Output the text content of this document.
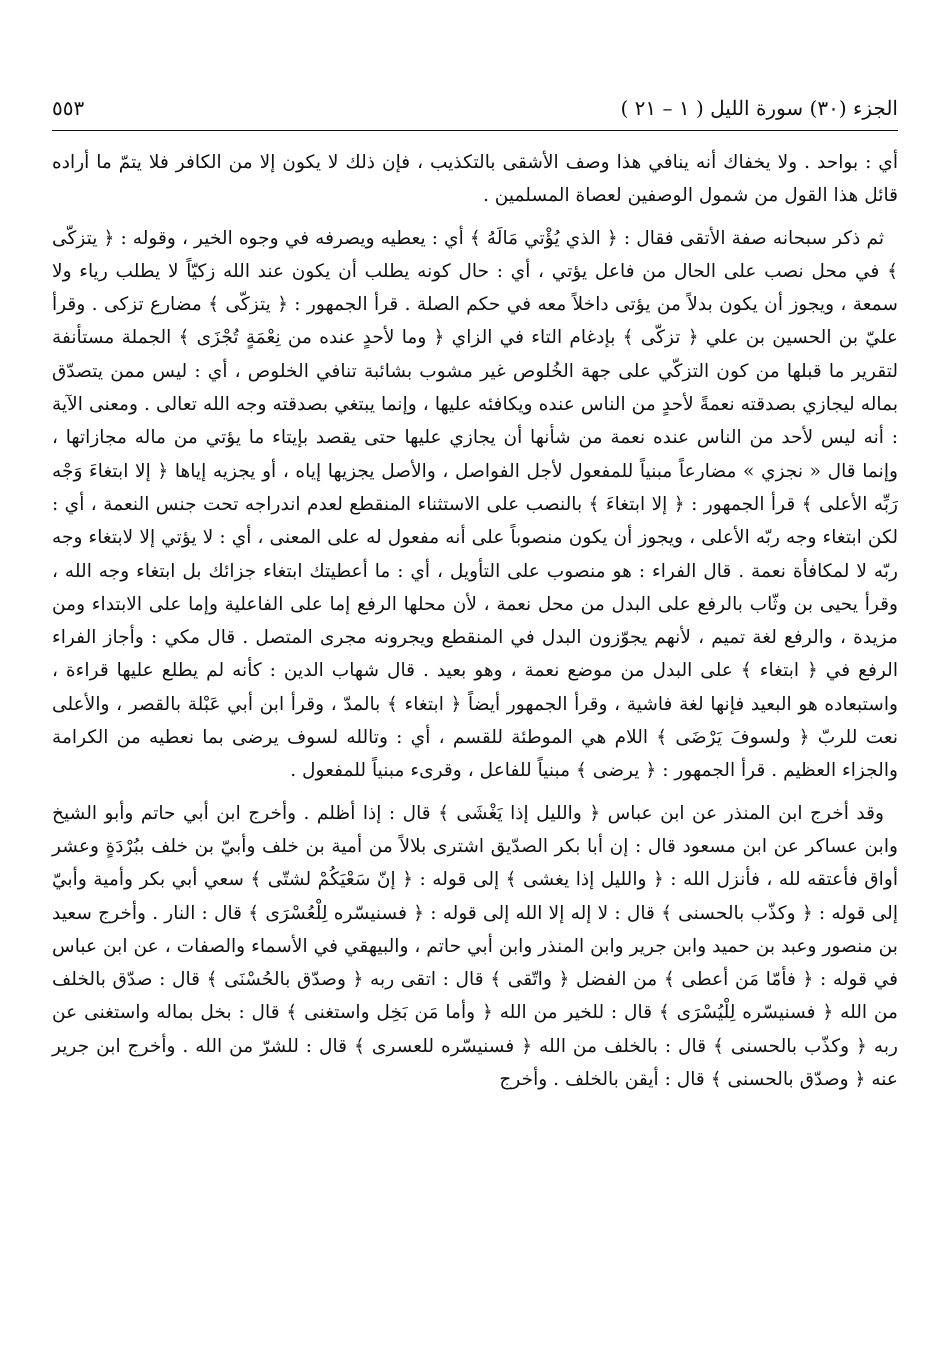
الجزء (٣٠) سورة الليل ( ١ – ٢١ )
٥٥٣

أي : بواحد . ولا يخفاك أنه ينافي هذا وصف الأشقى بالتكذيب ، فإن ذلك لا يكون إلا من الكافر فلا يتمّ ما أراده قائل هذا القول من شمول الوصفين لعصاة المسلمين .

ثم ذكر سبحانه صفة الأتقى فقال : ﴿ الذي يُؤْتي مَالَهُ ﴾ أي : يعطيه ويصرفه في وجوه الخير ، وقوله : ﴿ يتزكّى ﴾ في محل نصب على الحال من فاعل يؤتي ، أي : حال كونه يطلب أن يكون عند الله زكيّاً لا يطلب رياء ولا سمعة ، ويجوز أن يكون بدلاً من يؤتى داخلاً معه في حكم الصلة . قرأ الجمهور : ﴿ يتزكّى ﴾ مضارع تزكى . وقرأ عليّ بن الحسين بن علي ﴿ تزكّى ﴾ بإدغام التاء في الزاي ﴿ وما لأحدٍ عنده من نِعْمَةٍ تُجْزَى ﴾ الجملة مستأنفة لتقرير ما قبلها من كون التزكّي على جهة الخُلوص غير مشوب بشائبة تنافي الخلوص ، أي : ليس ممن يتصدّق بماله ليجازي بصدقته نعمةً لأحدٍ من الناس عنده ويكافئه عليها ، وإنما يبتغي بصدقته وجه الله تعالى . ومعنى الآية : أنه ليس لأحد من الناس عنده نعمة من شأنها أن يجازي عليها حتى يقصد بإيتاء ما يؤتي من ماله مجازاتها ، وإنما قال « نجزي » مضارعاً مبنياً للمفعول لأجل الفواصل ، والأصل يجزيها إياه ، أو يجزيه إياها ﴿ إلا ابتغاءَ وَجْه رَبِّه الأعلى ﴾ قرأ الجمهور : ﴿ إلا ابتغاءَ ﴾ بالنصب على الاستثناء المنقطع لعدم اندراجه تحت جنس النعمة ، أي : لكن ابتغاء وجه ربّه الأعلى ، ويجوز أن يكون منصوباً على أنه مفعول له على المعنى ، أي : لا يؤتي إلا لابتغاء وجه ربّه لا لمكافأة نعمة . قال الفراء : هو منصوب على التأويل ، أي : ما أعطيتك ابتغاء جزائك بل ابتغاء وجه الله ، وقرأ يحيى بن وثّاب بالرفع على البدل من محل نعمة ، لأن محلها الرفع إما على الفاعلية وإما على الابتداء ومن مزيدة ، والرفع لغة تميم ، لأنهم يجوّزون البدل في المنقطع ويجرونه مجرى المتصل . قال مكي : وأجاز الفراء الرفع في ﴿ ابتغاء ﴾ على البدل من موضع نعمة ، وهو بعيد . قال شهاب الدين : كأنه لم يطلع عليها قراءة ، واستبعاده هو البعيد فإنها لغة فاشية ، وقرأ الجمهور أيضاً ﴿ ابتغاء ﴾ بالمدّ ، وقرأ ابن أبي عَبْلة بالقصر ، والأعلى نعت للربّ ﴿ ولسوفَ يَرْضَى ﴾ اللام هي الموطئة للقسم ، أي : وتالله لسوف يرضى بما نعطيه من الكرامة والجزاء العظيم . قرأ الجمهور : ﴿ يرضى ﴾ مبنياً للفاعل ، وقرىء مبنياً للمفعول .

وقد أخرج ابن المنذر عن ابن عباس ﴿ والليل إذا يَغْشَى ﴾ قال : إذا أظلم . وأخرج ابن أبي حاتم وأبو الشيخ وابن عساكر عن ابن مسعود قال : إن أبا بكر الصدّيق اشترى بلالاً من أمية بن خلف وأبيّ بن خلف ببُرْدَةٍ وعشر أواق فأعتقه لله ، فأنزل الله : ﴿ والليل إذا يغشى ﴾ إلى قوله : ﴿ إنّ سَعْيَكُمْ لشتّى ﴾ سعي أبي بكر وأمية وأبيّ إلى قوله : ﴿ وكذّب بالحسنى ﴾ قال : لا إله إلا الله إلى قوله : ﴿ فسنيسّره لِلْعُسْرَى ﴾ قال : النار . وأخرج سعيد بن منصور وعبد بن حميد وابن جرير وابن المنذر وابن أبي حاتم ، والبيهقي في الأسماء والصفات ، عن ابن عباس في قوله : ﴿ فأمّا مَن أعطى ﴾ من الفضل ﴿ واتّقى ﴾ قال : اتقى ربه ﴿ وصدّق بالحُسْنَى ﴾ قال : صدّق بالخلف من الله ﴿ فسنيسّره لِلْيُسْرَى ﴾ قال : للخير من الله ﴿ وأما مَن بَخِل واستغنى ﴾ قال : بخل بماله واستغنى عن ربه ﴿ وكذّب بالحسنى ﴾ قال : بالخلف من الله ﴿ فسنيسّره للعسرى ﴾ قال : للشرّ من الله . وأخرج ابن جرير عنه ﴿ وصدّق بالحسنى ﴾ قال : أيقن بالخلف . وأخرج
